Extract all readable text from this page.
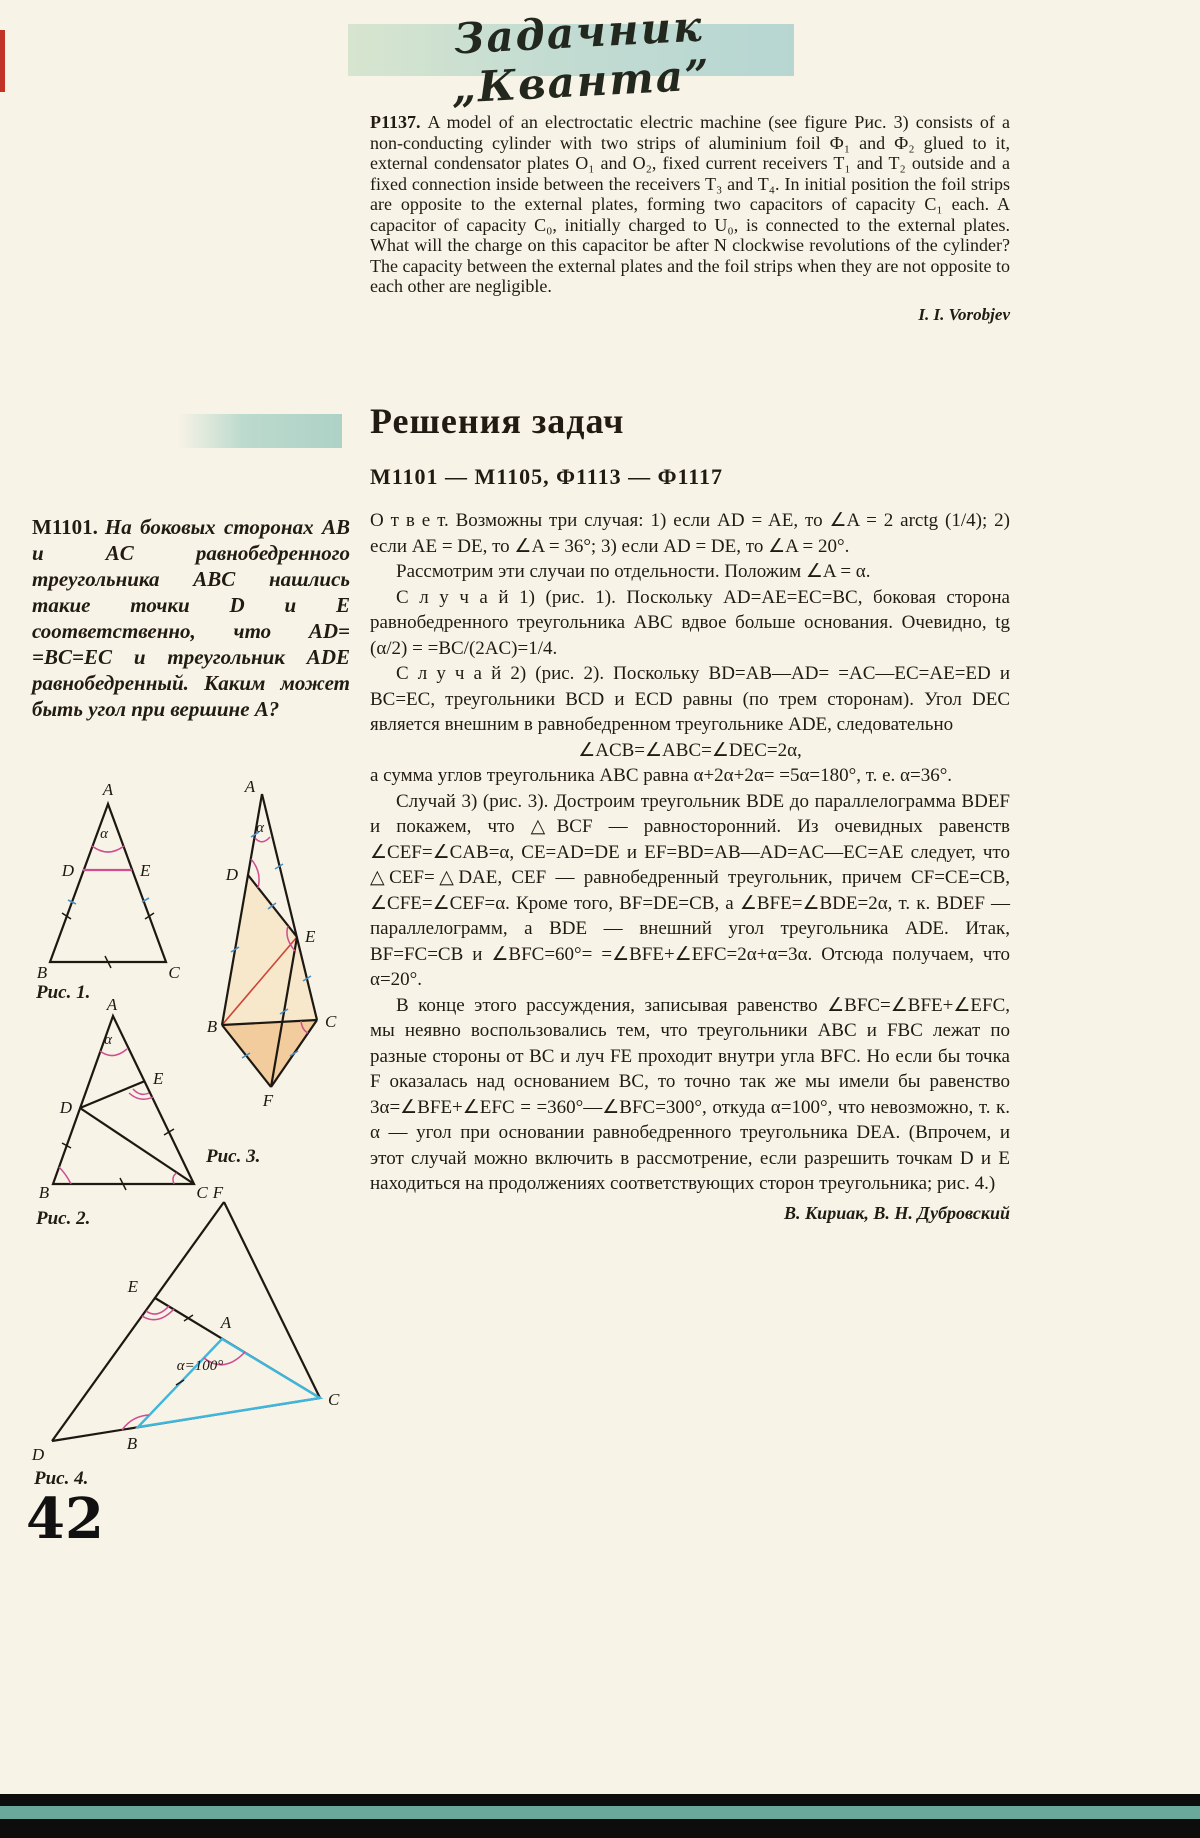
Задачник „Кванта”

P1137. A model of an electroctatic electric machine (see figure Рис. 3) consists of a non-conducting cylinder with two strips of aluminium foil Ф₁ and Ф₂ glued to it, external condensator plates O₁ and O₂, fixed current receivers T₁ and T₂ outside and a fixed connection inside between the receivers T₃ and T₄. In initial position the foil strips are opposite to the external plates, forming two capacitors of capacity C₁ each. A capacitor of capacity C₀, initially charged to U₀, is connected to the external plates. What will the charge on this capacitor be after N clockwise revolutions of the cylinder? The capacity between the external plates and the foil strips when they are not opposite to each other are negligible.

I. I. Vorobjev
Решения задач
М1101 — М1105, Ф1113 — Ф1117

М1101. На боковых сторонах AB и AC равнобедренного треугольника ABC нашлись такие точки D и E соответственно, что AD= =BC=EC и треугольник ADE равнобедренный. Каким может быть угол при вершине A?

О т в е т. Возможны три случая: 1) если AD = AE, то ∠A = 2 arctg (1/4); 2) если AE = DE, то ∠A = 36°; 3) если AD = DE, то ∠A = 20°.

Рассмотрим эти случаи по отдельности. Положим ∠A = α.

С л у ч а й 1) (рис. 1). Поскольку AD=AE=EC=BC, боковая сторона равнобедренного треугольника ABC вдвое больше основания. Очевидно, tg (α/2) = =BC/(2AC)=1/4.

С л у ч а й 2) (рис. 2). Поскольку BD=AB—AD= =AC—EC=AE=ED и BC=EC, треугольники BCD и ECD равны (по трем сторонам). Угол DEC является внешним в равнобедренном треугольнике ADE, следовательно

∠ACB=∠ABC=∠DEC=2α,

а сумма углов треугольника ABC равна α+2α+2α= =5α=180°, т. е. α=36°.

Случай 3) (рис. 3). Достроим треугольник BDE до параллелограмма BDEF и покажем, что △BCF — равносторонний. Из очевидных равенств ∠CEF=∠CAB=α, CE=AD=DE и EF=BD=AB—AD=AC—EC=AE следует, что △CEF=△DAE, CEF — равнобедренный треугольник, причем CF=CE=CB, ∠CFE=∠CEF=α. Кроме того, BF=DE=CB, а ∠BFE=∠BDE=2α, т. к. BDEF — параллелограмм, а BDE — внешний угол треугольника ADE. Итак, BF=FC=CB и ∠BFC=60°= =∠BFE+∠EFC=2α+α=3α. Отсюда получаем, что α=20°.

В конце этого рассуждения, записывая равенство ∠BFC=∠BFE+∠EFC, мы неявно воспользовались тем, что треугольники ABC и FBC лежат по разные стороны от BC и луч FE проходит внутри угла BFC. Но если бы точка F оказалась над основанием BC, то точно так же мы имели бы равенство 3α=∠BFE+∠EFC = =360°—∠BFC=300°, откуда α=100°, что невозможно, т. к. α — угол при основании равнобедренного треугольника DEA. (Впрочем, и этот случай можно включить в рассмотрение, если разрешить точкам D и E находиться на продолжениях соответствующих сторон треугольника; рис. 4.)

В. Кириак, В. Н. Дубровский
A
B	C
D	E
α
Рис. 1.
A
D
B	C
E
F
α
Рис. 3.
A
B	C
D
E
α
Рис. 2.
F
E
A
B
C
D
α=100°
Рис. 4.
42
